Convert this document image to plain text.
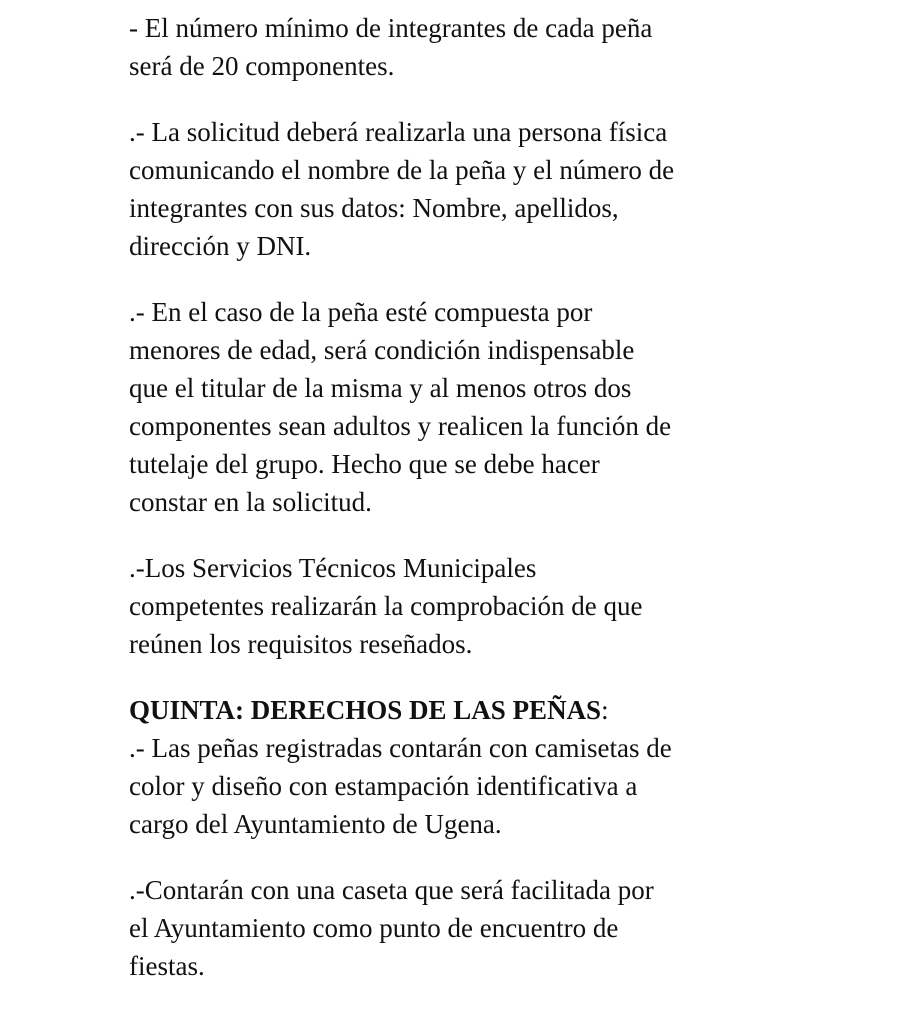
- El número mínimo de integrantes de cada peña
será de 20 componentes.

.- La solicitud deberá realizarla una persona física
comunicando el nombre de la peña y el número de
integrantes con sus datos: Nombre, apellidos,
dirección y DNI.

.- En el caso de la peña esté compuesta por
menores de edad, será condición indispensable
que el titular de la misma y al menos otros dos
componentes sean adultos y realicen la función de
tutelaje del grupo. Hecho que se debe hacer
constar en la solicitud.

.-Los Servicios Técnicos Municipales
competentes realizarán la comprobación de que
reúnen los requisitos reseñados.

QUINTA: DERECHOS DE LAS PEÑAS:

.- Las peñas registradas contarán con camisetas de
color y diseño con estampación identificativa a
cargo del Ayuntamiento de Ugena.

.-Contarán con una caseta que será facilitada por
el Ayuntamiento como punto de encuentro de
fiestas.
